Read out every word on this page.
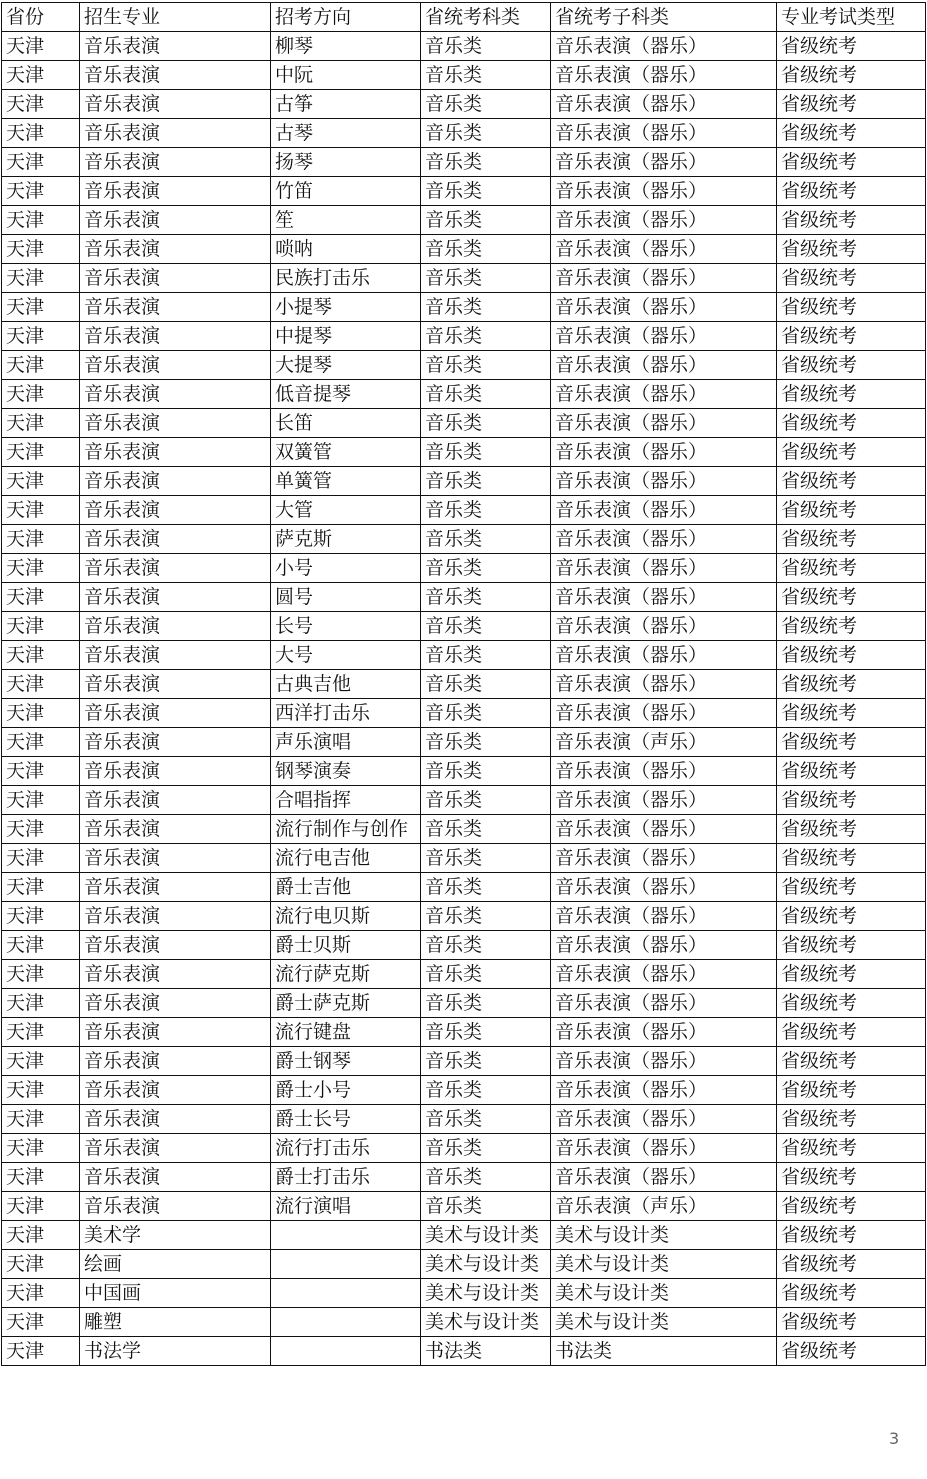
省份	招生专业	招考方向	省统考科类	省统考子科类	专业考试类型
天津	音乐表演	柳琴	音乐类	音乐表演（器乐）	省级统考
天津	音乐表演	中阮	音乐类	音乐表演（器乐）	省级统考
天津	音乐表演	古筝	音乐类	音乐表演（器乐）	省级统考
天津	音乐表演	古琴	音乐类	音乐表演（器乐）	省级统考
天津	音乐表演	扬琴	音乐类	音乐表演（器乐）	省级统考
天津	音乐表演	竹笛	音乐类	音乐表演（器乐）	省级统考
天津	音乐表演	笙	音乐类	音乐表演（器乐）	省级统考
天津	音乐表演	唢呐	音乐类	音乐表演（器乐）	省级统考
天津	音乐表演	民族打击乐	音乐类	音乐表演（器乐）	省级统考
天津	音乐表演	小提琴	音乐类	音乐表演（器乐）	省级统考
天津	音乐表演	中提琴	音乐类	音乐表演（器乐）	省级统考
天津	音乐表演	大提琴	音乐类	音乐表演（器乐）	省级统考
天津	音乐表演	低音提琴	音乐类	音乐表演（器乐）	省级统考
天津	音乐表演	长笛	音乐类	音乐表演（器乐）	省级统考
天津	音乐表演	双簧管	音乐类	音乐表演（器乐）	省级统考
天津	音乐表演	单簧管	音乐类	音乐表演（器乐）	省级统考
天津	音乐表演	大管	音乐类	音乐表演（器乐）	省级统考
天津	音乐表演	萨克斯	音乐类	音乐表演（器乐）	省级统考
天津	音乐表演	小号	音乐类	音乐表演（器乐）	省级统考
天津	音乐表演	圆号	音乐类	音乐表演（器乐）	省级统考
天津	音乐表演	长号	音乐类	音乐表演（器乐）	省级统考
天津	音乐表演	大号	音乐类	音乐表演（器乐）	省级统考
天津	音乐表演	古典吉他	音乐类	音乐表演（器乐）	省级统考
天津	音乐表演	西洋打击乐	音乐类	音乐表演（器乐）	省级统考
天津	音乐表演	声乐演唱	音乐类	音乐表演（声乐）	省级统考
天津	音乐表演	钢琴演奏	音乐类	音乐表演（器乐）	省级统考
天津	音乐表演	合唱指挥	音乐类	音乐表演（器乐）	省级统考
天津	音乐表演	流行制作与创作	音乐类	音乐表演（器乐）	省级统考
天津	音乐表演	流行电吉他	音乐类	音乐表演（器乐）	省级统考
天津	音乐表演	爵士吉他	音乐类	音乐表演（器乐）	省级统考
天津	音乐表演	流行电贝斯	音乐类	音乐表演（器乐）	省级统考
天津	音乐表演	爵士贝斯	音乐类	音乐表演（器乐）	省级统考
天津	音乐表演	流行萨克斯	音乐类	音乐表演（器乐）	省级统考
天津	音乐表演	爵士萨克斯	音乐类	音乐表演（器乐）	省级统考
天津	音乐表演	流行键盘	音乐类	音乐表演（器乐）	省级统考
天津	音乐表演	爵士钢琴	音乐类	音乐表演（器乐）	省级统考
天津	音乐表演	爵士小号	音乐类	音乐表演（器乐）	省级统考
天津	音乐表演	爵士长号	音乐类	音乐表演（器乐）	省级统考
天津	音乐表演	流行打击乐	音乐类	音乐表演（器乐）	省级统考
天津	音乐表演	爵士打击乐	音乐类	音乐表演（器乐）	省级统考
天津	音乐表演	流行演唱	音乐类	音乐表演（声乐）	省级统考
天津	美术学		美术与设计类	美术与设计类	省级统考
天津	绘画		美术与设计类	美术与设计类	省级统考
天津	中国画		美术与设计类	美术与设计类	省级统考
天津	雕塑		美术与设计类	美术与设计类	省级统考
天津	书法学		书法类	书法类	省级统考
3
